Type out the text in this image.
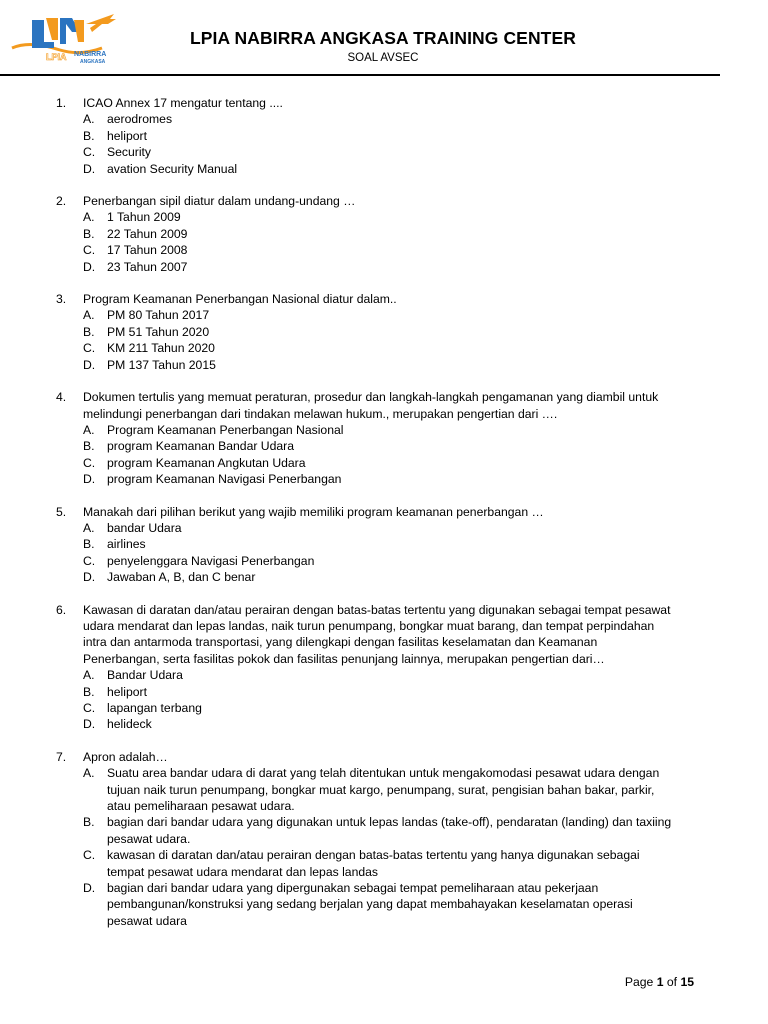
LPIA NABIRRA
ANGKASA
LPIA NABIRRA ANGKASA TRAINING CENTER
SOAL AVSEC
1.	ICAO Annex 17 mengatur tentang ....
A.	aerodromes
B.	heliport
C. Security
D. avation Security Manual
2.	Penerbangan sipil diatur dalam undang-undang …
A.	1 Tahun 2009
B.	22 Tahun 2009
C. 17 Tahun 2008
D. 23 Tahun 2007
3.	Program Keamanan Penerbangan Nasional diatur dalam..
A.	PM 80 Tahun 2017
B.	PM 51 Tahun 2020
C. KM 211 Tahun 2020
D. PM 137 Tahun 2015
4.	Dokumen tertulis yang memuat peraturan, prosedur dan langkah-langkah pengamanan yang diambil untuk melindungi penerbangan dari tindakan melawan hukum., merupakan pengertian dari ….
A.	Program Keamanan Penerbangan Nasional
B.	program Keamanan Bandar Udara
C. program Keamanan Angkutan Udara
D. program Keamanan Navigasi Penerbangan
5.	Manakah dari pilihan berikut yang wajib memiliki program keamanan penerbangan …
A.	bandar Udara
B.	airlines
C. penyelenggara Navigasi Penerbangan
D. Jawaban A, B, dan C benar
6.	Kawasan di daratan dan/atau perairan dengan batas-batas tertentu yang digunakan sebagai tempat pesawat udara mendarat dan lepas landas, naik turun penumpang, bongkar muat barang, dan tempat perpindahan intra dan antarmoda transportasi, yang dilengkapi dengan fasilitas keselamatan dan Keamanan Penerbangan, serta fasilitas pokok dan fasilitas penunjang lainnya, merupakan pengertian dari…
A.	Bandar Udara
B.	heliport
C. lapangan terbang
D. helideck
7.	Apron adalah…
A.	Suatu area bandar udara di darat yang telah ditentukan untuk mengakomodasi pesawat udara dengan tujuan naik turun penumpang, bongkar muat kargo, penumpang, surat, pengisian bahan bakar, parkir, atau pemeliharaan pesawat udara.
B.	bagian dari bandar udara yang digunakan untuk lepas landas (take-off), pendaratan (landing) dan taxiing pesawat udara.
C. kawasan di daratan dan/atau perairan dengan batas-batas tertentu yang hanya digunakan sebagai tempat pesawat udara mendarat dan lepas landas
D. bagian dari bandar udara yang dipergunakan sebagai tempat pemeliharaan atau pekerjaan pembangunan/konstruksi yang sedang berjalan yang dapat membahayakan keselamatan operasi pesawat udara
Page 1 of 15
